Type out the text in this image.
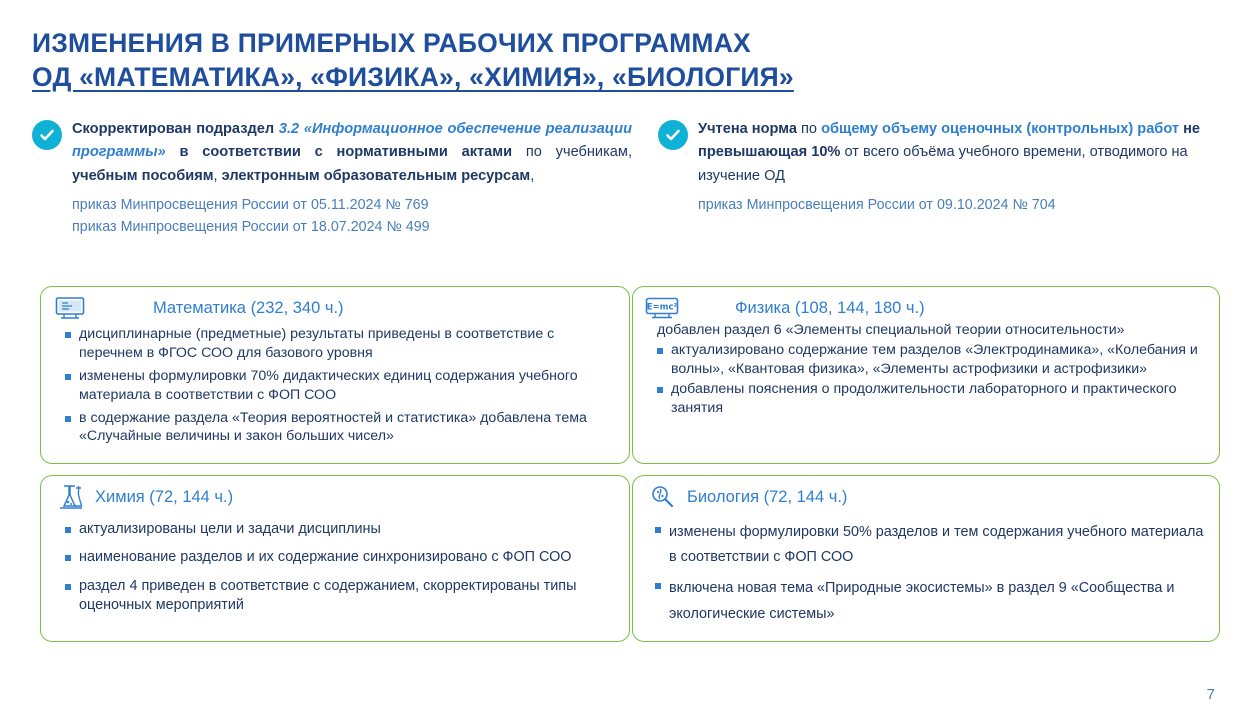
ИЗМЕНЕНИЯ В ПРИМЕРНЫХ РАБОЧИХ ПРОГРАММАХ
ОД «МАТЕМАТИКА», «ФИЗИКА», «ХИМИЯ», «БИОЛОГИЯ»

Скорректирован подраздел 3.2 «Информационное обеспечение реализации программы» в соответствии с нормативными актами по учебникам, учебным пособиям, электронным образовательным ресурсам,

приказ Минпросвещения России от 05.11.2024 № 769
приказ Минпросвещения России от 18.07.2024 № 499

Учтена норма по общему объему оценочных (контрольных) работ не превышающая 10% от всего объёма учебного времени, отводимого на изучение ОД

приказ Минпросвещения России от 09.10.2024 № 704
Математика (232, 340 ч.)
дисциплинарные (предметные) результаты приведены в соответствие с перечнем в ФГОС СОО для базового уровня
изменены формулировки 70% дидактических единиц содержания учебного материала в соответствии с ФОП СОО
в содержание раздела «Теория вероятностей и статистика» добавлена тема «Случайные величины и закон больших чисел»
E=mc²	Физика (108, 144, 180 ч.)
добавлен раздел 6 «Элементы специальной теории относительности»
актуализировано содержание тем разделов «Электродинамика», «Колебания и волны», «Квантовая физика», «Элементы астрофизики и астрофизики»
добавлены пояснения о продолжительности лабораторного и практического занятия
Химия (72, 144 ч.)
актуализированы цели и задачи дисциплины
наименование разделов и их содержание синхронизировано с ФОП СОО
раздел 4 приведен в соответствие с содержанием, скорректированы типы оценочных мероприятий
Биология (72, 144 ч.)
изменены формулировки 50% разделов и тем содержания учебного материала в соответствии с ФОП СОО
включена новая тема «Природные экосистемы» в раздел 9 «Сообщества и экологические системы»
7
